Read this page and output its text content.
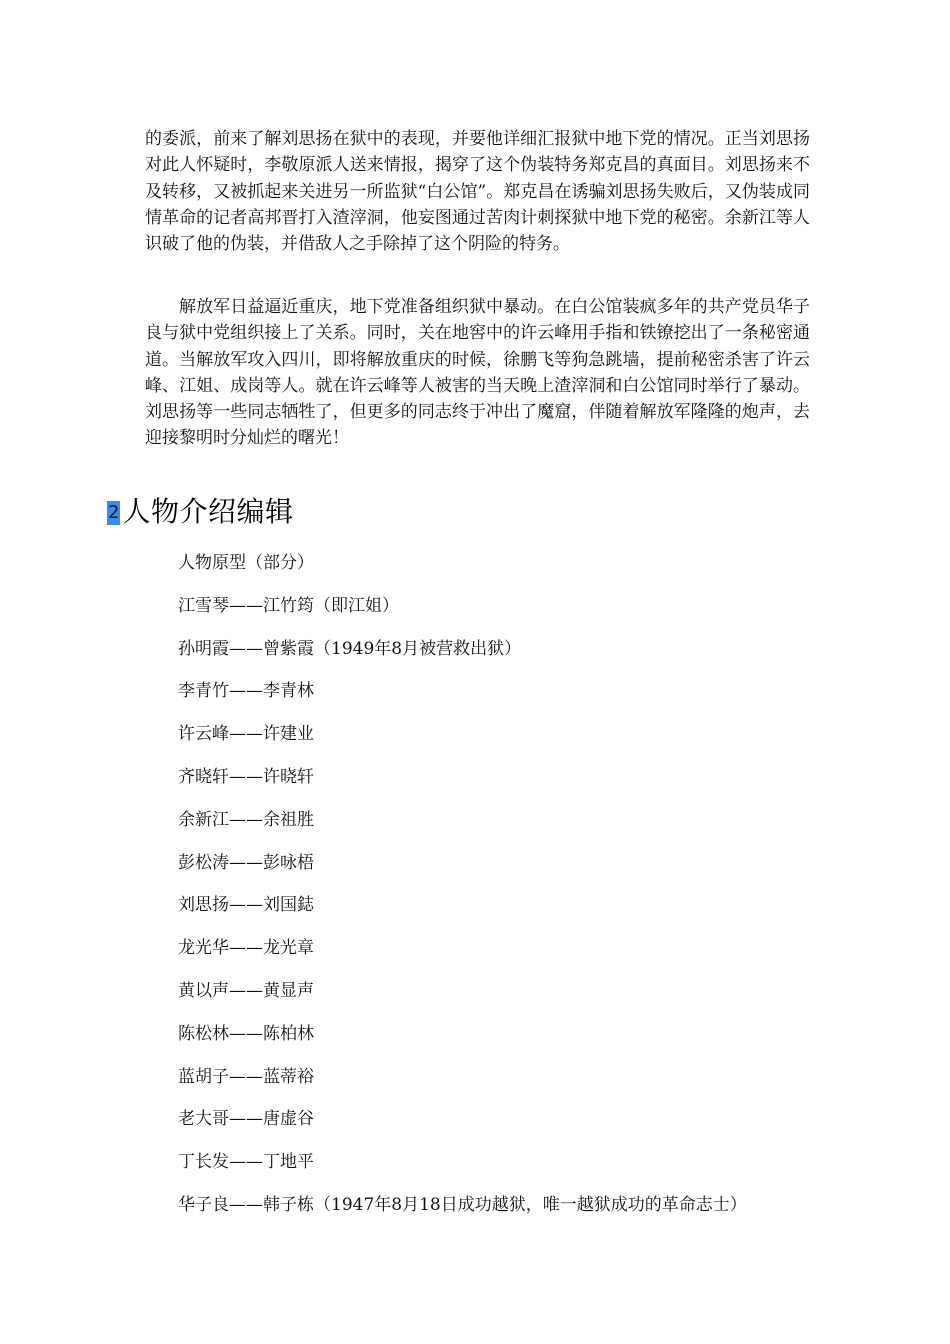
的委派，前来了解刘思扬在狱中的表现，并要他详细汇报狱中地下党的情况。正当刘思扬对此人怀疑时，李敬原派人送来情报，揭穿了这个伪装特务郑克昌的真面目。刘思扬来不及转移，又被抓起来关进另一所监狱“白公馆”。郑克昌在诱骗刘思扬失败后，又伪装成同情革命的记者高邦晋打入渣滓洞，他妄图通过苦肉计刺探狱中地下党的秘密。余新江等人识破了他的伪装，并借敌人之手除掉了这个阴险的特务。

解放军日益逼近重庆，地下党准备组织狱中暴动。在白公馆装疯多年的共产党员华子良与狱中党组织接上了关系。同时，关在地窖中的许云峰用手指和铁镣挖出了一条秘密通道。当解放军攻入四川，即将解放重庆的时候，徐鹏飞等狗急跳墙，提前秘密杀害了许云峰、江姐、成岗等人。就在许云峰等人被害的当天晚上渣滓洞和白公馆同时举行了暴动。刘思扬等一些同志牺牲了，但更多的同志终于冲出了魔窟，伴随着解放军隆隆的炮声，去迎接黎明时分灿烂的曙光！

2 人物介绍编辑
人物原型（部分）
江雪琴——江竹筠（即江姐）
孙明霞——曾紫霞（1949年8月被营救出狱）
李青竹——李青林
许云峰——许建业
齐晓轩——许晓轩
余新江——余祖胜
彭松涛——彭咏梧
刘思扬——刘国鋕
龙光华——龙光章
黄以声——黄显声
陈松林——陈柏林
蓝胡子——蓝蒂裕
老大哥——唐虚谷
丁长发——丁地平
华子良——韩子栋（1947年8月18日成功越狱，唯一越狱成功的革命志士）
